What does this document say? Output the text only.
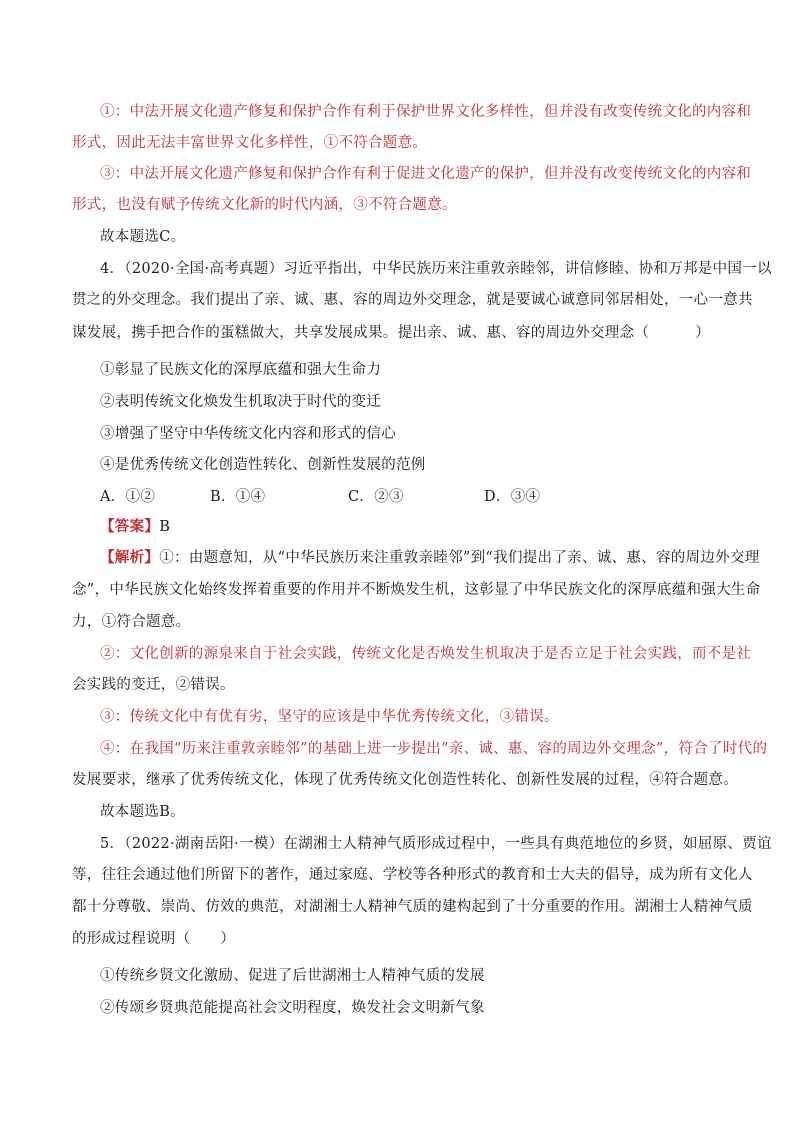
①：中法开展文化遗产修复和保护合作有利于保护世界文化多样性，但并没有改变传统文化的内容和
形式，因此无法丰富世界文化多样性，①不符合题意。
③：中法开展文化遗产修复和保护合作有利于促进文化遗产的保护，但并没有改变传统文化的内容和
形式，也没有赋予传统文化新的时代内涵，③不符合题意。
故本题选C。
4．（2020·全国·高考真题）习近平指出，中华民族历来注重敦亲睦邻，讲信修睦、协和万邦是中国一以
贯之的外交理念。我们提出了亲、诚、惠、容的周边外交理念，就是要诚心诚意同邻居相处，一心一意共
谋发展，携手把合作的蛋糕做大，共享发展成果。提出亲、诚、惠、容的周边外交理念（	）
①彰显了民族文化的深厚底蕴和强大生命力
②表明传统文化焕发生机取决于时代的变迁
③增强了坚守中华传统文化内容和形式的信心
④是优秀传统文化创造性转化、创新性发展的范例
A．①②	B．①④	C．②③	D．③④
【答案】B
【解析】①：由题意知，从“中华民族历来注重敦亲睦邻”到“我们提出了亲、诚、惠、容的周边外交理
念”，中华民族文化始终发挥着重要的作用并不断焕发生机，这彰显了中华民族文化的深厚底蕴和强大生命
力，①符合题意。
②：文化创新的源泉来自于社会实践，传统文化是否焕发生机取决于是否立足于社会实践，而不是社
会实践的变迁，②错误。
③：传统文化中有优有劣，坚守的应该是中华优秀传统文化，③错误。
④：在我国“历来注重敦亲睦邻”的基础上进一步提出“亲、诚、惠、容的周边外交理念”，符合了时代的
发展要求，继承了优秀传统文化，体现了优秀传统文化创造性转化、创新性发展的过程，④符合题意。
故本题选B。
5．（2022·湖南岳阳·一模）在湖湘士人精神气质形成过程中，一些具有典范地位的乡贤，如屈原、贾谊
等，往往会通过他们所留下的著作，通过家庭、学校等各种形式的教育和士大夫的倡导，成为所有文化人
都十分尊敬、崇尚、仿效的典范，对湖湘士人精神气质的建构起到了十分重要的作用。湖湘士人精神气质
的形成过程说明（ ）
①传统乡贤文化激励、促进了后世湖湘士人精神气质的发展
②传颂乡贤典范能提高社会文明程度，焕发社会文明新气象
